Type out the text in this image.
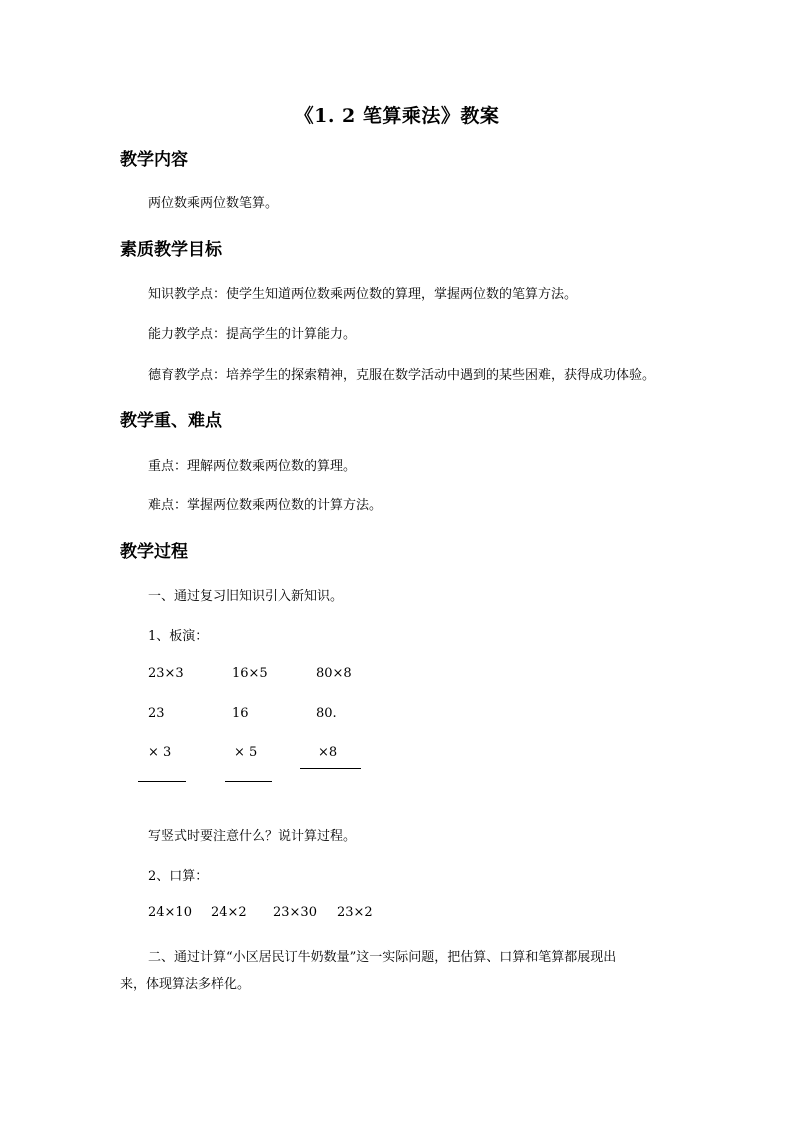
《1. 2 笔算乘法》教案
教学内容
两位数乘两位数笔算。
素质教学目标
知识教学点：使学生知道两位数乘两位数的算理，掌握两位数的笔算方法。
能力教学点：提高学生的计算能力。
德育教学点：培养学生的探索精神，克服在数学活动中遇到的某些困难，获得成功体验。
教学重、难点
重点：理解两位数乘两位数的算理。
难点：掌握两位数乘两位数的计算方法。
教学过程
一、通过复习旧知识引入新知识。
1、板演：
23×3	16×5	80×8
23	16	80.
× 3	× 5	×8
写竖式时要注意什么？说计算过程。
2、口算：
24×10 24×2 23×30 23×2
二、通过计算“小区居民订牛奶数量”这一实际问题，把估算、口算和笔算都展现出
来，体现算法多样化。
